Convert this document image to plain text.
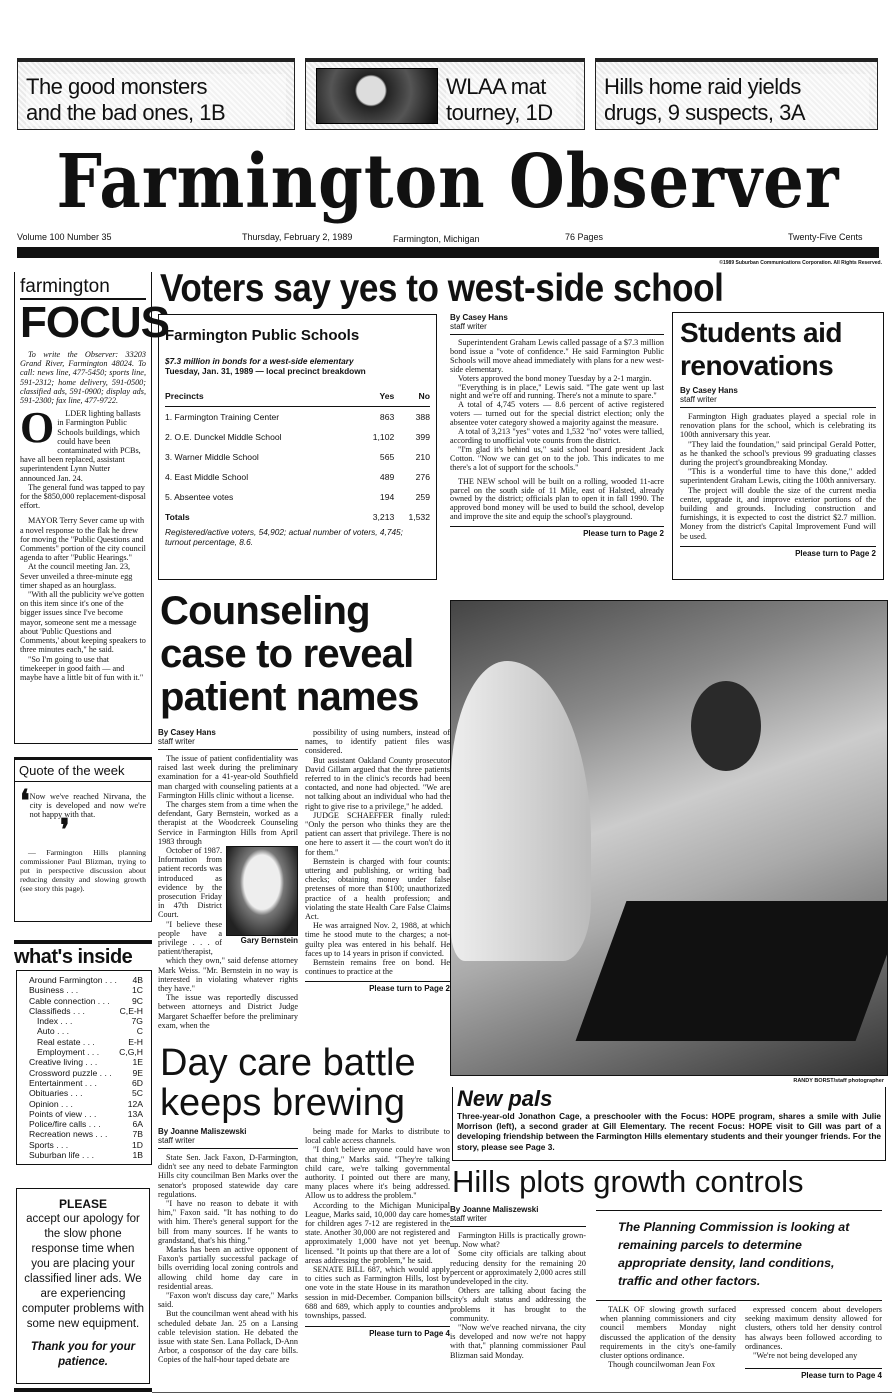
The good monsters
and the bad ones, 1B
WLAA mat
tourney, 1D
Hills home raid yields
drugs, 9 suspects, 3A
Farmington Observer
Volume 100 Number 35	Thursday, February 2, 1989	Farmington, Michigan	76 Pages	Twenty-Five Cents
©1989 Suburban Communications Corporation. All Rights Reserved.
farmington
FOCUS
To write the Observer: 33203 Grand River, Farmington 48024. To call: news line, 477-5450; sports line, 591-2312; home delivery, 591-0500; classified ads, 591-0900; display ads, 591-2300; fax line, 477-9722.
O	LDER lighting ballasts in Farmington Public Schools buildings, which could have been contaminated with PCBs, have all been replaced, assistant superintendent Lynn Nutter announced Jan. 24.

The general fund was tapped to pay for the $850,000 replacement-disposal effort.

MAYOR Terry Sever came up with a novel response to the flak he drew for moving the "Public Questions and Comments" portion of the city council agenda to after "Public Hearings."

At the council meeting Jan. 23, Sever unveiled a three-minute egg timer shaped as an hourglass.

"With all the publicity we've gotten on this item since it's one of the bigger issues since I've become mayor, someone sent me a message about 'Public Questions and Comments,' about keeping speakers to three minutes each," he said.

"So I'm going to use that timekeeper in good faith — and maybe have a little bit of fun with it."

Quote of the week
❛ Now we've reached Nirvana, the city is developed and now we're not happy with that.

❜

— Farmington Hills planning commissioner Paul Blizman, trying to put in perspective discussion about reducing density and slowing growth (see story this page).

what's inside
Around Farmington . . . 4B
Business . . .	1C
Cable connection . . .	9C
Classifieds . . .	C,E-H
Index . . .	7G
Auto . . .	C
Real estate . . .	E-H
Employment . . . C,G,H
Creative living . . .	1E
Crossword puzzle . . . 9E
Entertainment . . .	6D
Obituaries . . .	5C
Opinion . . .	12A
Points of view . . .	13A
Police/fire calls . . .	6A
Recreation news . . .	7B
Sports . . .	1D
Suburban life . . .	1B
PLEASE
accept our apology for the slow phone response time when you are placing your classified liner ads. We are experiencing computer problems with some new equipment.
Thank you for your patience.
Voters say yes to west-side school
Farmington Public Schools
$7.3 million in bonds for a west-side elementary
Tuesday, Jan. 31, 1989 — local precinct breakdown
Precincts	Yes	No
1. Farmington Training Center	863	388
2. O.E. Dunckel Middle School	1,102	399
3. Warner Middle School	565	210
4. East Middle School	489	276
5. Absentee votes	194	259
Totals	3,213	1,532
Registered/active voters, 54,902; actual number of voters, 4,745; turnout percentage, 8.6.
By Casey Hans
staff writer

Superintendent Graham Lewis called passage of a $7.3 million bond issue a "vote of confidence." He said Farmington Public Schools will move ahead immediately with plans for a new west-side elementary.

Voters approved the bond money Tuesday by a 2-1 margin.

"Everything is in place," Lewis said. "The gate went up last night and we're off and running. There's not a minute to spare."

A total of 4,745 voters — 8.6 percent of active registered voters — turned out for the special district election; only the absentee voter category showed a majority against the measure.

A total of 3,213 "yes" votes and 1,532 "no" votes were tallied, according to unofficial vote counts from the district.

"I'm glad it's behind us," said school board president Jack Cotton. "Now we can get on to the job. This indicates to me there's a lot of support for the schools."

THE NEW school will be built on a rolling, wooded 11-acre parcel on the south side of 11 Mile, east of Halsted, already owned by the district; officials plan to open it in fall 1990. The approved bond money will be used to build the school, develop and improve the site and equip the school's playground.

Please turn to Page 2
Students aid renovations
By Casey Hans
staff writer

Farmington High graduates played a special role in renovation plans for the school, which is celebrating its 100th anniversary this year.

"They laid the foundation," said principal Gerald Potter, as he thanked the school's previous 99 graduating classes during the project's groundbreaking Monday.

"This is a wonderful time to have this done," added superintendent Graham Lewis, citing the 100th anniversary.

The project will double the size of the current media center, upgrade it, and improve exterior portions of the building and grounds. Including construction and furnishings, it is expected to cost the district $2.7 million. Money from the district's Capital Improvement Fund will be used.

Please turn to Page 2
Counseling case to reveal patient names
By Casey Hans
staff writer

The issue of patient confidentiality was raised last week during the preliminary examination for a 41-year-old Southfield man charged with counseling patients at a Farmington Hills clinic without a license.

The charges stem from a time when the defendant, Gary Bernstein, worked as a therapist at the Woodcreek Counseling Service in Farmington Hills from April 1983 through

October of 1987. Information from patient records was introduced as evidence by the prosecution Friday in 47th District Court.

"I believe these people have a privilege . . . of patient/therapist,

Gary Bernstein

which they own," said defense attorney Mark Weiss. "Mr. Bernstein in no way is interested in violating whatever rights they have."

The issue was reportedly discussed between attorneys and District Judge Margaret Schaeffer before the preliminary exam, when the

possibility of using numbers, instead of names, to identify patient files was considered.

But assistant Oakland County prosecutor David Gillam argued that the three patients referred to in the clinic's records had been contacted, and none had objected. "We are not talking about an individual who had the right to give rise to a privilege," he added.

JUDGE SCHAEFFER finally ruled: "Only the person who thinks they are the patient can assert that privilege. There is no one here to assert it — the court won't do it for them."

Bernstein is charged with four counts: uttering and publishing, or writing bad checks; obtaining money under false pretenses of more than $100; unauthorized practice of a health profession; and violating the state Health Care False Claims Act.

He was arraigned Nov. 2, 1988, at which time he stood mute to the charges; a not-guilty plea was entered in his behalf. He faces up to 14 years in prison if convicted.

Bernstein remains free on bond. He continues to practice at the

Please turn to Page 2
RANDY BORST/staff photographer
New pals
Three-year-old Jonathon Cage, a preschooler with the Focus: HOPE program, shares a smile with Julie Morrison (left), a second grader at Gill Elementary. The recent Focus: HOPE visit to Gill was part of a developing friendship between the Farmington Hills elementary students and their younger friends. For the story, please see Page 3.
Day care battle
keeps brewing
By Joanne Maliszewski
staff writer

State Sen. Jack Faxon, D-Farmington, didn't see any need to debate Farmington Hills city councilman Ben Marks over the senator's proposed statewide day care regulations.

"I have no reason to debate it with him," Faxon said. "It has nothing to do with him. There's general support for the bill from many sources. If he wants to grandstand, that's his thing."

Marks has been an active opponent of Faxon's partially successful package of bills overriding local zoning controls and allowing child home day care in residential areas.

"Faxon won't discuss day care," Marks said.

But the councilman went ahead with his scheduled debate Jan. 25 on a Lansing cable television station. He debated the issue with state Sen. Lana Pollack, D-Ann Arbor, a cosponsor of the day care bills. Copies of the half-hour taped debate are

being made for Marks to distribute to local cable access channels.

"I don't believe anyone could have won that thing," Marks said. "They're talking child care, we're talking governmental authority. I pointed out there are many, many places where it's being addressed. Allow us to address the problem."

According to the Michigan Municipal League, Marks said, 10,000 day care homes for children ages 7-12 are registered in the state. Another 30,000 are not registered and approximately 1,000 have not yet been licensed. "It points up that there are a lot of areas addressing the problem," he said.

SENATE BILL 687, which would apply to cities such as Farmington Hills, lost by one vote in the state House in its marathon session in mid-December. Companion bills 688 and 689, which apply to counties and townships, passed.

Please turn to Page 4
Hills plots growth controls
By Joanne Maliszewski
staff writer

Farmington Hills is practically grown-up. Now what?

Some city officials are talking about reducing density for the remaining 20 percent or approximately 2,000 acres still undeveloped in the city.

Others are talking about facing the city's adult status and addressing the problems it has brought to the community.

"Now we've reached nirvana, the city is developed and now we're not happy with that," planning commissioner Paul Blizman said Monday.

The Planning Commission is looking at remaining parcels to determine appropriate density, land conditions, traffic and other factors.

TALK OF slowing growth surfaced when planning commissioners and city council members Monday night discussed the application of the density requirements in the city's one-family cluster options ordinance.

Though councilwoman Jean Fox

expressed concern about developers seeking maximum density allowed for clusters, others told her density control has always been followed according to ordinances.

"We're not being developed any

Please turn to Page 4
